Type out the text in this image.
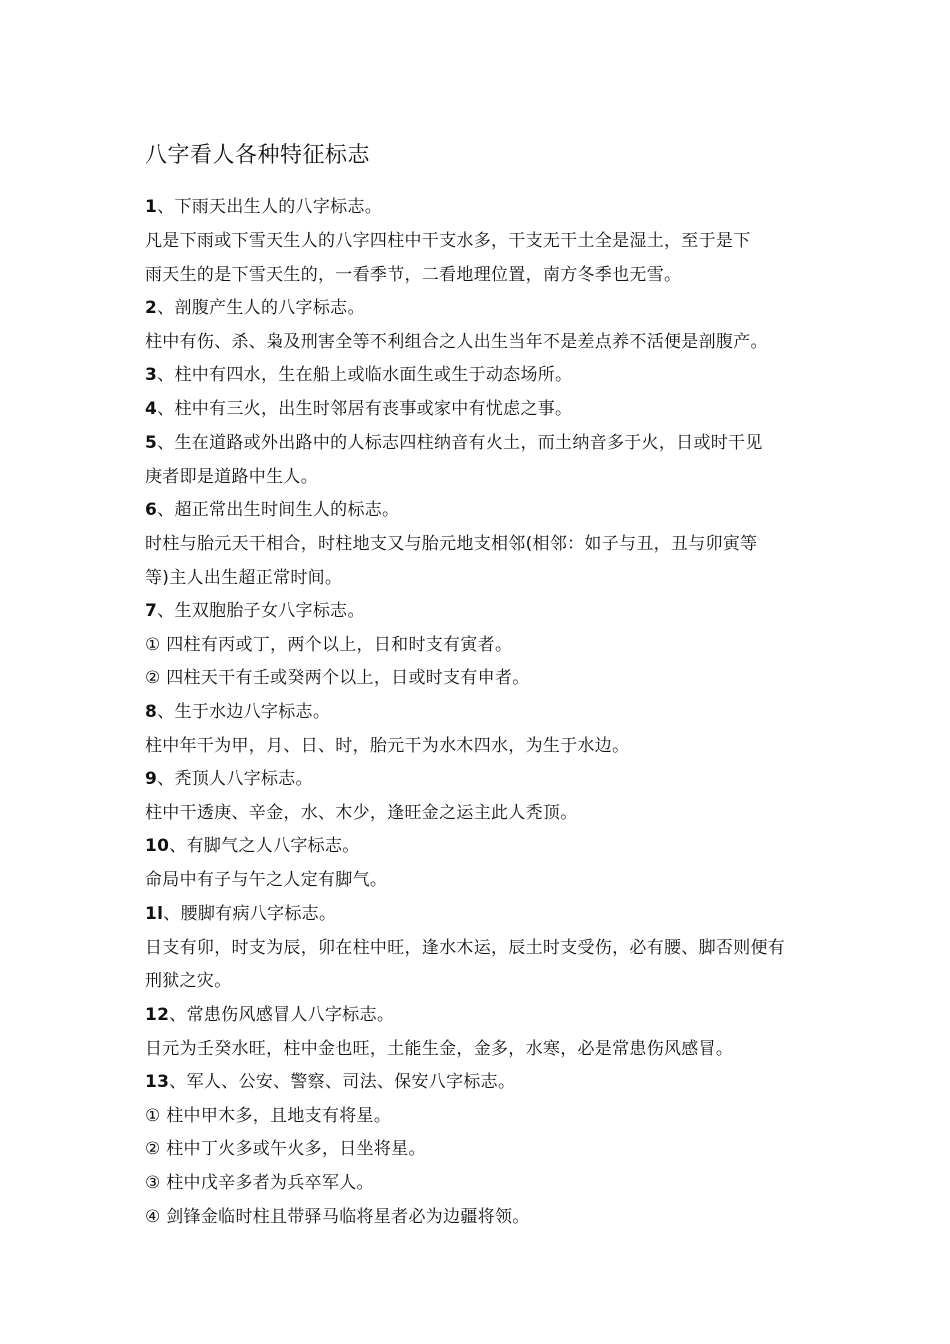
八字看人各种特征标志

1、下雨天出生人的八字标志。

凡是下雨或下雪天生人的八字四柱中干支水多，干支无干土全是湿土，至于是下

雨天生的是下雪天生的，一看季节，二看地理位置，南方冬季也无雪。

2、剖腹产生人的八字标志。

柱中有伤、杀、枭及刑害全等不利组合之人出生当年不是差点养不活便是剖腹产。

3、柱中有四水，生在船上或临水面生或生于动态场所。

4、柱中有三火，出生时邻居有丧事或家中有忧虑之事。

5、生在道路或外出路中的人标志四柱纳音有火土，而土纳音多于火，日或时干见

庚者即是道路中生人。

6、超正常出生时间生人的标志。

时柱与胎元天干相合，时柱地支又与胎元地支相邻(相邻：如子与丑，丑与卯寅等

等)主人出生超正常时间。

7、生双胞胎子女八字标志。

① 四柱有丙或丁，两个以上，日和时支有寅者。

② 四柱天干有壬或癸两个以上，日或时支有申者。

8、生于水边八字标志。

柱中年干为甲，月、日、时，胎元干为水木四水，为生于水边。

9、秃顶人八字标志。

柱中干透庚、辛金，水、木少，逢旺金之运主此人秃顶。

10、有脚气之人八字标志。

命局中有子与午之人定有脚气。

1l、腰脚有病八字标志。

日支有卯，时支为辰，卯在柱中旺，逢水木运，辰土时支受伤，必有腰、脚否则便有

刑狱之灾。

12、常患伤风感冒人八字标志。

日元为壬癸水旺，柱中金也旺，土能生金，金多，水寒，必是常患伤风感冒。

13、军人、公安、警察、司法、保安八字标志。

① 柱中甲木多，且地支有将星。

② 柱中丁火多或午火多，日坐将星。

③ 柱中戊辛多者为兵卒军人。

④ 剑锋金临时柱且带驿马临将星者必为边疆将领。
